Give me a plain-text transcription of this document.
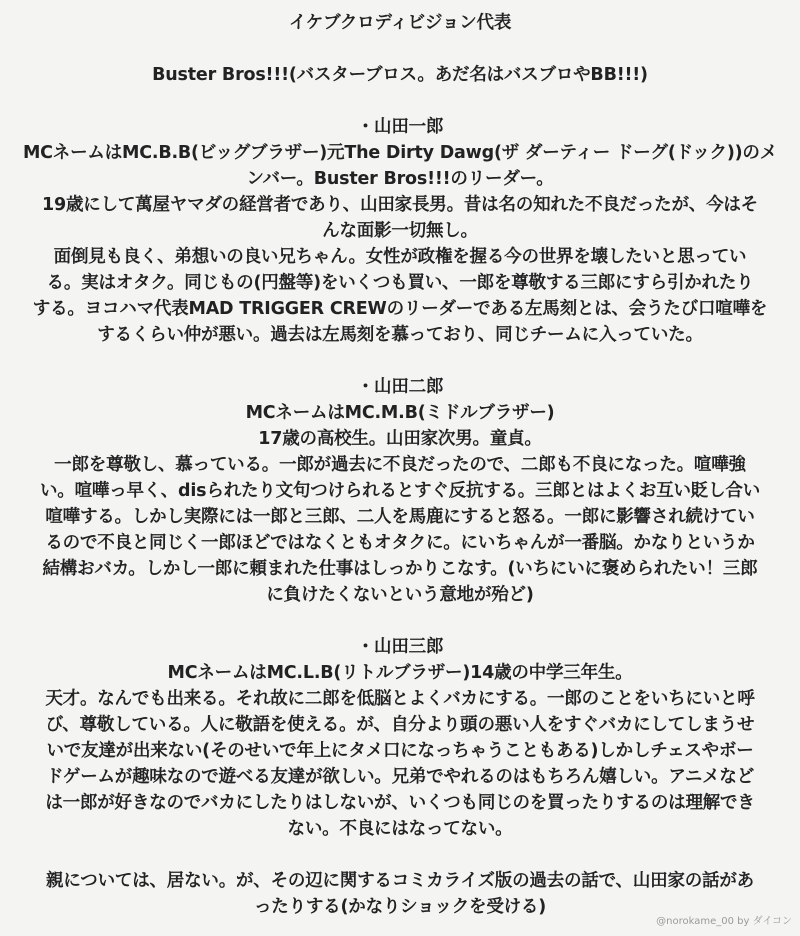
イケブクロディビジョン代表
Buster Bros!!!(バスターブロス。あだ名はバスブロやBB!!!)
・山田一郎
MCネームはMC.B.B(ビッグブラザー)元The Dirty Dawg(ザ ダーティー ドーグ(ドック))のメ
ンバー。Buster Bros!!!のリーダー。
19歳にして萬屋ヤマダの経営者であり、山田家長男。昔は名の知れた不良だったが、今はそ
んな面影一切無し。
面倒見も良く、弟想いの良い兄ちゃん。女性が政権を握る今の世界を壊したいと思ってい
る。実はオタク。同じもの(円盤等)をいくつも買い、一郎を尊敬する三郎にすら引かれたり
する。ヨコハマ代表MAD TRIGGER CREWのリーダーである左馬刻とは、会うたび口喧嘩を
するくらい仲が悪い。過去は左馬刻を慕っており、同じチームに入っていた。
・山田二郎
MCネームはMC.M.B(ミドルブラザー)
17歳の高校生。山田家次男。童貞。
一郎を尊敬し、慕っている。一郎が過去に不良だったので、二郎も不良になった。喧嘩強
い。喧嘩っ早く、disられたり文句つけられるとすぐ反抗する。三郎とはよくお互い貶し合い
喧嘩する。しかし実際には一郎と三郎、二人を馬鹿にすると怒る。一郎に影響され続けてい
るので不良と同じく一郎ほどではなくともオタクに。にいちゃんが一番脳。かなりというか
結構おバカ。しかし一郎に頼まれた仕事はしっかりこなす。(いちにいに褒められたい！三郎
に負けたくないという意地が殆ど)
・山田三郎
MCネームはMC.L.B(リトルブラザー)14歳の中学三年生。
天才。なんでも出来る。それ故に二郎を低脳とよくバカにする。一郎のことをいちにいと呼
び、尊敬している。人に敬語を使える。が、自分より頭の悪い人をすぐバカにしてしまうせ
いで友達が出来ない(そのせいで年上にタメ口になっちゃうこともある)しかしチェスやボー
ドゲームが趣味なので遊べる友達が欲しい。兄弟でやれるのはもちろん嬉しい。アニメなど
は一郎が好きなのでバカにしたりはしないが、いくつも同じのを買ったりするのは理解でき
ない。不良にはなってない。
親については、居ない。が、その辺に関するコミカライズ版の過去の話で、山田家の話があ
ったりする(かなりショックを受ける)
@norokame_00 by ダイコン
